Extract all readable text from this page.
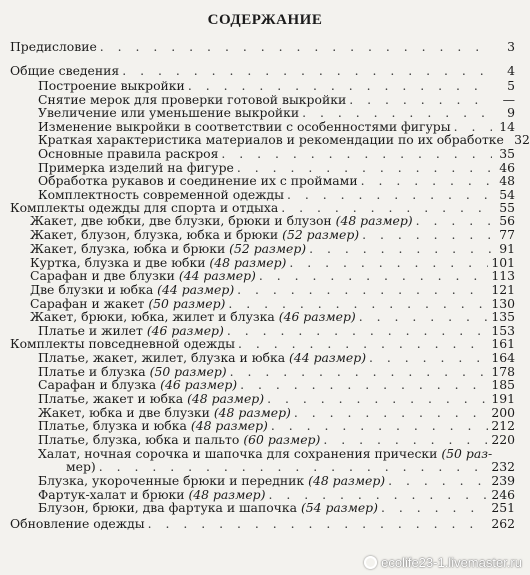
СОДЕРЖАНИЕ
Предисловие . . .	3
Общие сведения . . .	4
Построение выкройки . . .	5
Снятие мерок для проверки готовой выкройки . . .	—
Увеличение или уменьшение выкройки . . .	9
Изменение выкройки в соответствии с особенностями фигуры . . .	14
Краткая характеристика материалов и рекомендации по их обработке 32
Основные правила раскроя . . .	35
Примерка изделий на фигуре . . .	46
Обработка рукавов и соединение их с проймами . . .	48
Комплектность современной одежды . . .	54
Комплекты одежды для спорта и отдыха . . .	55
Жакет, две юбки, две блузки, брюки и блузон (48 размер) . . .	56
Жакет, блузон, блузка, юбка и брюки (52 размер) . . .	77
Жакет, блузка, юбка и брюки (52 размер) . . .	91
Куртка, блузка и две юбки (48 размер) . . .	101
Сарафан и две блузки (44 размер) . . .	113
Две блузки и юбка (44 размер) . . .	121
Сарафан и жакет (50 размер) . . .	130
Жакет, брюки, юбка, жилет и блузка (46 размер) . . .	135
Платье и жилет (46 размер) . . .	153
Комплекты повседневной одежды . . .	161
Платье, жакет, жилет, блузка и юбка (44 размер) . . .	164
Платье и блузка (50 размер) . . .	178
Сарафан и блузка (46 размер) . . .	185
Платье, жакет и юбка (48 размер) . . .	191
Жакет, юбка и две блузки (48 размер) . . .	200
Платье, блузка и юбка (48 размер) . . .	212
Платье, блузка, юбка и пальто (60 размер) . . .	220
Халат, ночная сорочка и шапочка для сохранения прически (50 раз-
мер) . . .	232
Блузка, укороченные брюки и передник (48 размер) . . .	239
Фартук-халат и брюки (48 размер) . . .	246
Блузон, брюки, два фартука и шапочка (54 размер) . . .	251
Обновление одежды . . .	262
ecolife23-1.livemaster.ru
